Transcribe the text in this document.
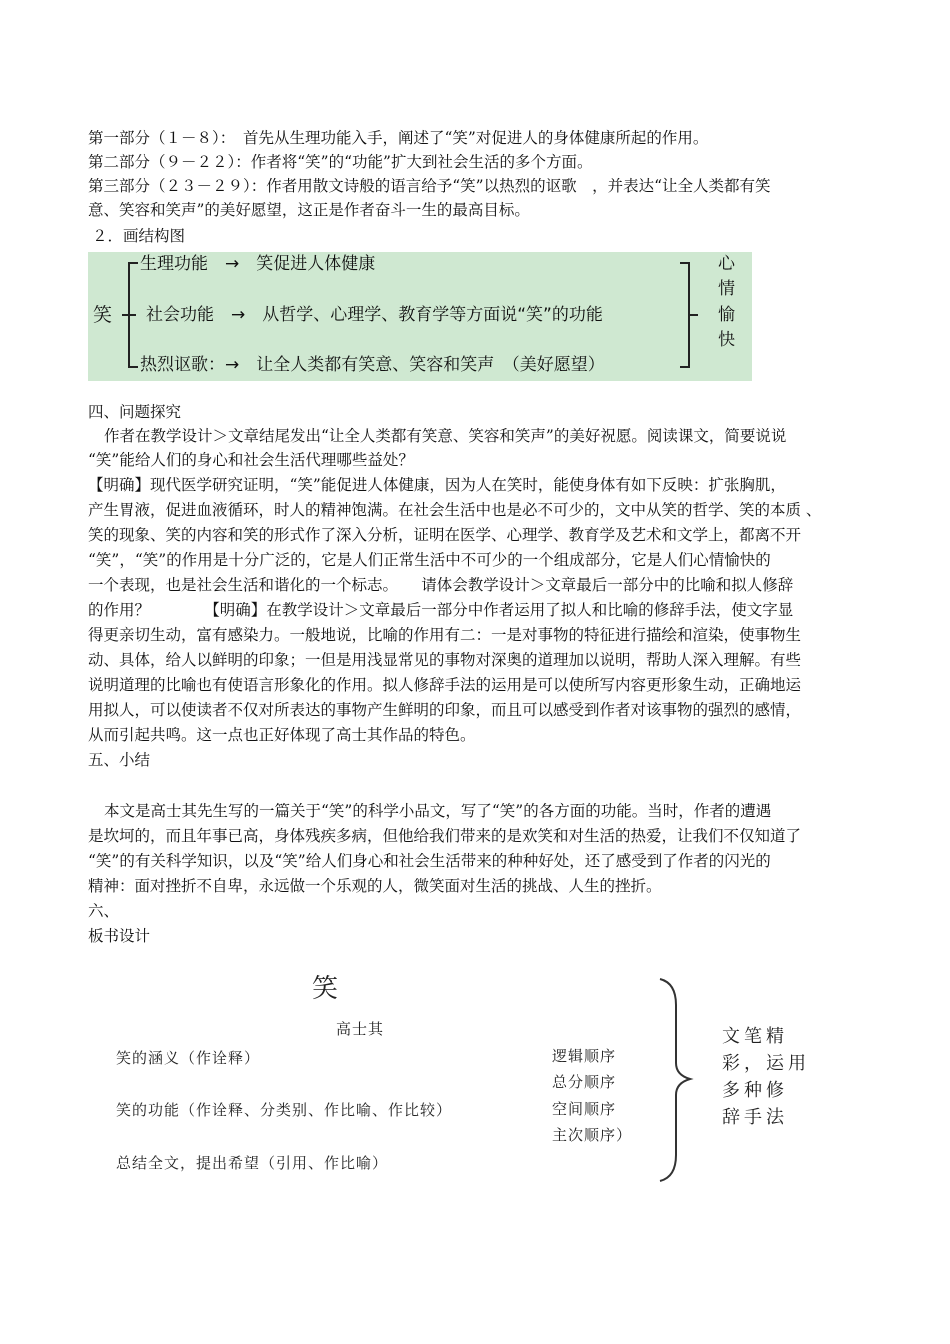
第一部分（１－８）：　首先从生理功能入手，阐述了“笑”对促进人的身体健康所起的作用。
第二部分（９－２２）：作者将“笑”的“功能”扩大到社会生活的多个方面。
第三部分（２３－２９）：作者用散文诗般的语言给予“笑”以热烈的讴歌　，并表达“让全人类都有笑
意、笑容和笑声”的美好愿望，这正是作者奋斗一生的最高目标。
２．画结构图
笑
生理功能　→　笑促进人体健康
社会功能　→　从哲学、心理学、教育学等方面说“笑”的功能
热烈讴歌：→　让全人类都有笑意、笑容和笑声　（美好愿望）
心
情
愉
快
四、问题探究
作者在教学设计＞文章结尾发出“让全人类都有笑意、笑容和笑声”的美好祝愿。阅读课文，简要说说
“笑”能给人们的身心和社会生活代理哪些益处？
【明确】现代医学研究证明，“笑”能促进人体健康，因为人在笑时，能使身体有如下反映：扩张胸肌，
产生胃液，促进血液循环，时人的精神饱满。在社会生活中也是必不可少的，文中从笑的哲学、笑的本质 、
笑的现象、笑的内容和笑的形式作了深入分析，证明在医学、心理学、教育学及艺术和文学上，都离不开
“笑”，“笑”的作用是十分广泛的，它是人们正常生活中不可少的一个组成部分，它是人们心情愉快的
一个表现，也是社会生活和谐化的一个标志。　　请体会教学设计＞文章最后一部分中的比喻和拟人修辞
的作用？　　　　【明确】在教学设计＞文章最后一部分中作者运用了拟人和比喻的修辞手法，使文字显
得更亲切生动，富有感染力。一般地说，比喻的作用有二：一是对事物的特征进行描绘和渲染，使事物生
动、具体，给人以鲜明的印象；一但是用浅显常见的事物对深奥的道理加以说明，帮助人深入理解。有些
说明道理的比喻也有使语言形象化的作用。拟人修辞手法的运用是可以使所写内容更形象生动，正确地运
用拟人，可以使读者不仅对所表达的事物产生鲜明的印象，而且可以感受到作者对该事物的强烈的感情，
从而引起共鸣。这一点也正好体现了高士其作品的特色。
五、小结
本文是高士其先生写的一篇关于“笑”的科学小品文，写了“笑”的各方面的功能。当时，作者的遭遇
是坎坷的，而且年事已高，身体残疾多病，但他给我们带来的是欢笑和对生活的热爱，让我们不仅知道了
“笑”的有关科学知识，以及“笑”给人们身心和社会生活带来的种种好处，还了感受到了作者的闪光的
精神：面对挫折不自卑，永远做一个乐观的人，微笑面对生活的挑战、人生的挫折。
六、
板书设计
笑
高士其
笑的涵义（作诠释）
笑的功能（作诠释、分类别、作比喻、作比较）
总结全文，提出希望（引用、作比喻）
逻辑顺序
总分顺序
空间顺序
主次顺序）
文笔精
彩，运用
多种修
辞手法
